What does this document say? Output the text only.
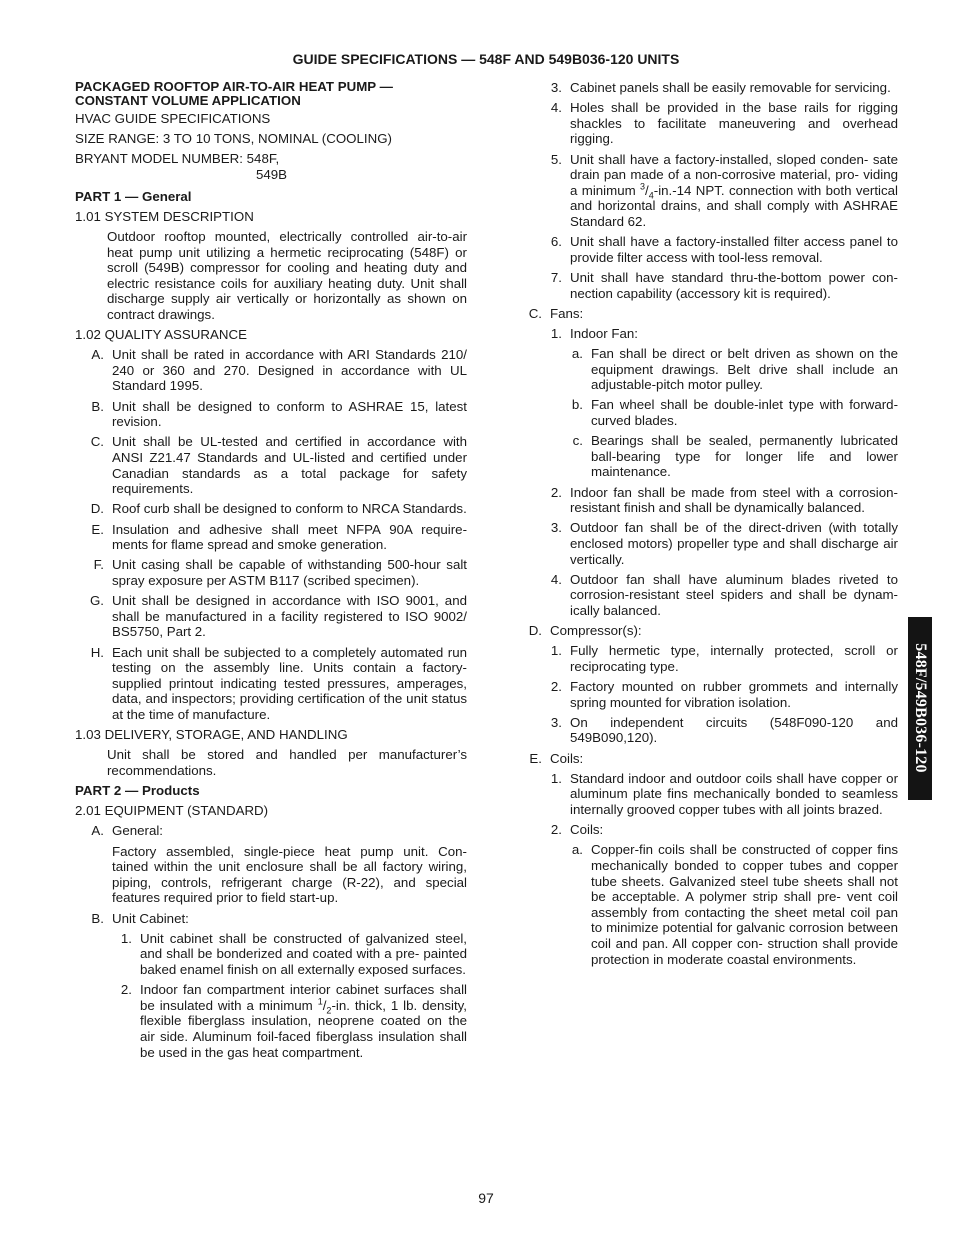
GUIDE SPECIFICATIONS — 548F AND 549B036-120 UNITS
PACKAGED ROOFTOP AIR-TO-AIR HEAT PUMP —
CONSTANT VOLUME APPLICATION
HVAC GUIDE SPECIFICATIONS
SIZE RANGE: 3 TO 10 TONS, NOMINAL (COOLING)
BRYANT MODEL NUMBER: 548F,
549B
PART 1 — General
1.01 SYSTEM DESCRIPTION
Outdoor rooftop mounted, electrically controlled air-to-air heat pump unit utilizing a hermetic reciprocating (548F) or scroll (549B) compressor for cooling and heating duty and electric resistance coils for auxiliary heating duty. Unit shall discharge supply air vertically or horizontally as shown on contract drawings.
1.02 QUALITY ASSURANCE
A. Unit shall be rated in accordance with ARI Standards 210/ 240 or 360 and 270. Designed in accordance with UL Standard 1995.
B. Unit shall be designed to conform to ASHRAE 15, latest revision.
C. Unit shall be UL-tested and certified in accordance with ANSI Z21.47 Standards and UL-listed and certified under Canadian standards as a total package for safety requirements.
D. Roof curb shall be designed to conform to NRCA Standards.
E. Insulation and adhesive shall meet NFPA 90A require- ments for flame spread and smoke generation.
F. Unit casing shall be capable of withstanding 500-hour salt spray exposure per ASTM B117 (scribed specimen).
G. Unit shall be designed in accordance with ISO 9001, and shall be manufactured in a facility registered to ISO 9002/ BS5750, Part 2.
H. Each unit shall be subjected to a completely automated run testing on the assembly line. Units contain a factory- supplied printout indicating tested pressures, amperages, data, and inspectors; providing certification of the unit status at the time of manufacture.
1.03 DELIVERY, STORAGE, AND HANDLING
Unit shall be stored and handled per manufacturer’s recommendations.
PART 2 — Products
2.01 EQUIPMENT (STANDARD)
A. General:
Factory assembled, single-piece heat pump unit. Con- tained within the unit enclosure shall be all factory wiring, piping, controls, refrigerant charge (R-22), and special features required prior to field start-up.
B. Unit Cabinet:
1. Unit cabinet shall be constructed of galvanized steel, and shall be bonderized and coated with a pre- painted baked enamel finish on all externally exposed surfaces.
2. Indoor fan compartment interior cabinet surfaces shall be insulated with a minimum $^1/_2-in$. thick, 1 lb. density, flexible fiberglass insulation, neoprene coated on the air side. Aluminum foil-faced fiberglass insulation shall be used in the gas heat compartment.
3. Cabinet panels shall be easily removable for servicing.
4. Holes shall be provided in the base rails for rigging shackles to facilitate maneuvering and overhead rigging.
5. Unit shall have a factory-installed, sloped conden- sate drain pan made of a non-corrosive material, pro- viding a minimum $^3/_4-in.-14$ NPT. connection with both vertical and horizontal drains, and shall comply with ASHRAE Standard 62.
6. Unit shall have a factory-installed filter access panel to provide filter access with tool-less removal.
7. Unit shall have standard thru-the-bottom power con- nection capability (accessory kit is required).
C. Fans:
1. Indoor Fan:
a. Fan shall be direct or belt driven as shown on the equipment drawings. Belt drive shall include an adjustable-pitch motor pulley.
b. Fan wheel shall be double-inlet type with forward- curved blades.
c. Bearings shall be sealed, permanently lubricated ball-bearing type for longer life and lower maintenance.
2. Indoor fan shall be made from steel with a corrosion- resistant finish and shall be dynamically balanced.
3. Outdoor fan shall be of the direct-driven (with totally enclosed motors) propeller type and shall discharge air vertically.
4. Outdoor fan shall have aluminum blades riveted to corrosion-resistant steel spiders and shall be dynam- ically balanced.
D. Compressor(s):
1. Fully hermetic type, internally protected, scroll or reciprocating type.
2. Factory mounted on rubber grommets and internally spring mounted for vibration isolation.
3. On independent circuits (548F090-120 and 549B090,120).
E. Coils:
1. Standard indoor and outdoor coils shall have copper or aluminum plate fins mechanically bonded to seamless internally grooved copper tubes with all joints brazed.
2. Coils:
a. Copper-fin coils shall be constructed of copper fins mechanically bonded to copper tubes and copper tube sheets. Galvanized steel tube sheets shall not be acceptable. A polymer strip shall pre- vent coil assembly from contacting the sheet metal coil pan to minimize potential for galvanic corrosion between coil and pan. All copper con- struction shall provide protection in moderate coastal environments.
548F/549B036-120
97
